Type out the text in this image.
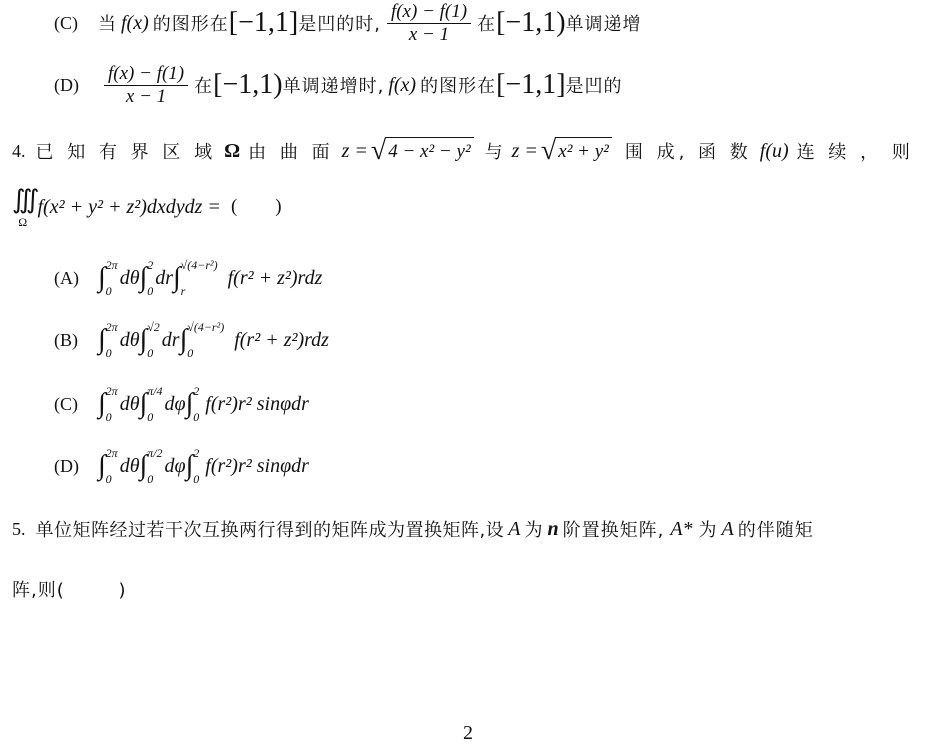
(C)	当 f(x) 的图形在 [−1,1] 是凹的时, $\frac{f(x) - f(1)}{x - 1}$ 在 [−1,1) 单调递增
(D)	$\frac{f(x) - f(1)}{x - 1}$ 在 [−1,1) 单调递增时, f(x) 的图形在 [−1,1] 是凹的
4. 已 知 有 界 区 域 Ω 由 曲 面 z = √ 4 − x² − y² 与 z = √ x² + y² 围 成, 函 数 f(u) 连 续 ， 则
∭
Ω
f(x² + y² + z²)dxdydz = (        )
(A) ∫ 2π
0
dθ ∫ 2
0
dr ∫ √(4−r²)
r
f(r² + z²)rdz
(B) ∫ 2π
0
dθ ∫ √2
0
dr ∫ √(4−r²)
0
f(r² + z²)rdz
(C) ∫ 2π
0
dθ ∫ π/4
0
dφ ∫ 2
0
f(r²)r² sinφdr
(D) ∫ 2π
0
dθ ∫ π/2
0
dφ ∫ 2
0
f(r²)r² sinφdr
5. 单位矩阵经过若干次互换两行得到的矩阵成为置换矩阵,设 A 为 n 阶置换矩阵, A* 为 A 的伴随矩
阵,则(        )
2
